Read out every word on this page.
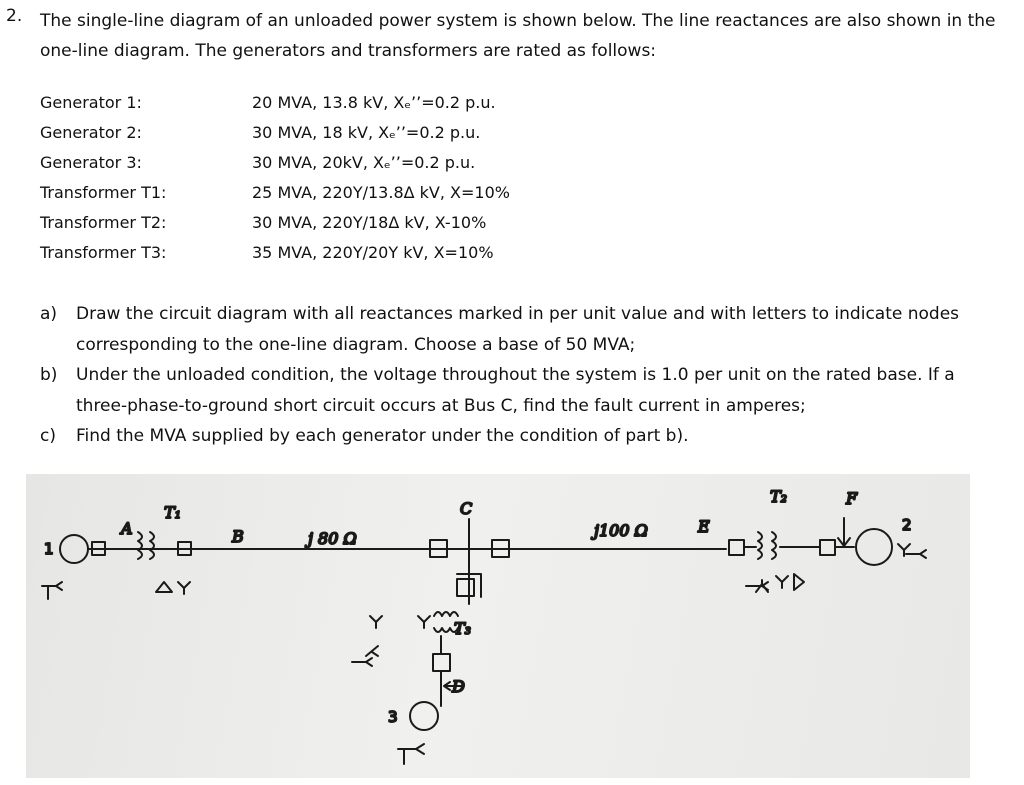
2. The single-line diagram of an unloaded power system is shown below. The line reactances are also shown in the one-line diagram. The generators and transformers are rated as follows:
Generator 1:	20 MVA, 13.8 kV, Xₑ’’=0.2 p.u.
Generator 2:	30 MVA, 18 kV, Xₑ’’=0.2 p.u.
Generator 3:	30 MVA, 20kV, Xₑ’’=0.2 p.u.
Transformer T1:	25 MVA, 220Y/13.8Δ kV, X=10%
Transformer T2:	30 MVA, 220Y/18Δ kV, X-10%
Transformer T3:	35 MVA, 220Y/20Y kV, X=10%
a) Draw the circuit diagram with all reactances marked in per unit value and with letters to indicate nodes corresponding to the one-line diagram. Choose a base of 50 MVA;
b) Under the unloaded condition, the voltage throughout the system is 1.0 per unit on the rated base. If a three-phase-to-ground short circuit occurs at Bus C, find the fault current in amperes;
c) Find the MVA supplied by each generator under the condition of part b).
1
A
T₁
B	j 80 Ω
C
T₃
D
3
j100 Ω	E
T₂	F
2
